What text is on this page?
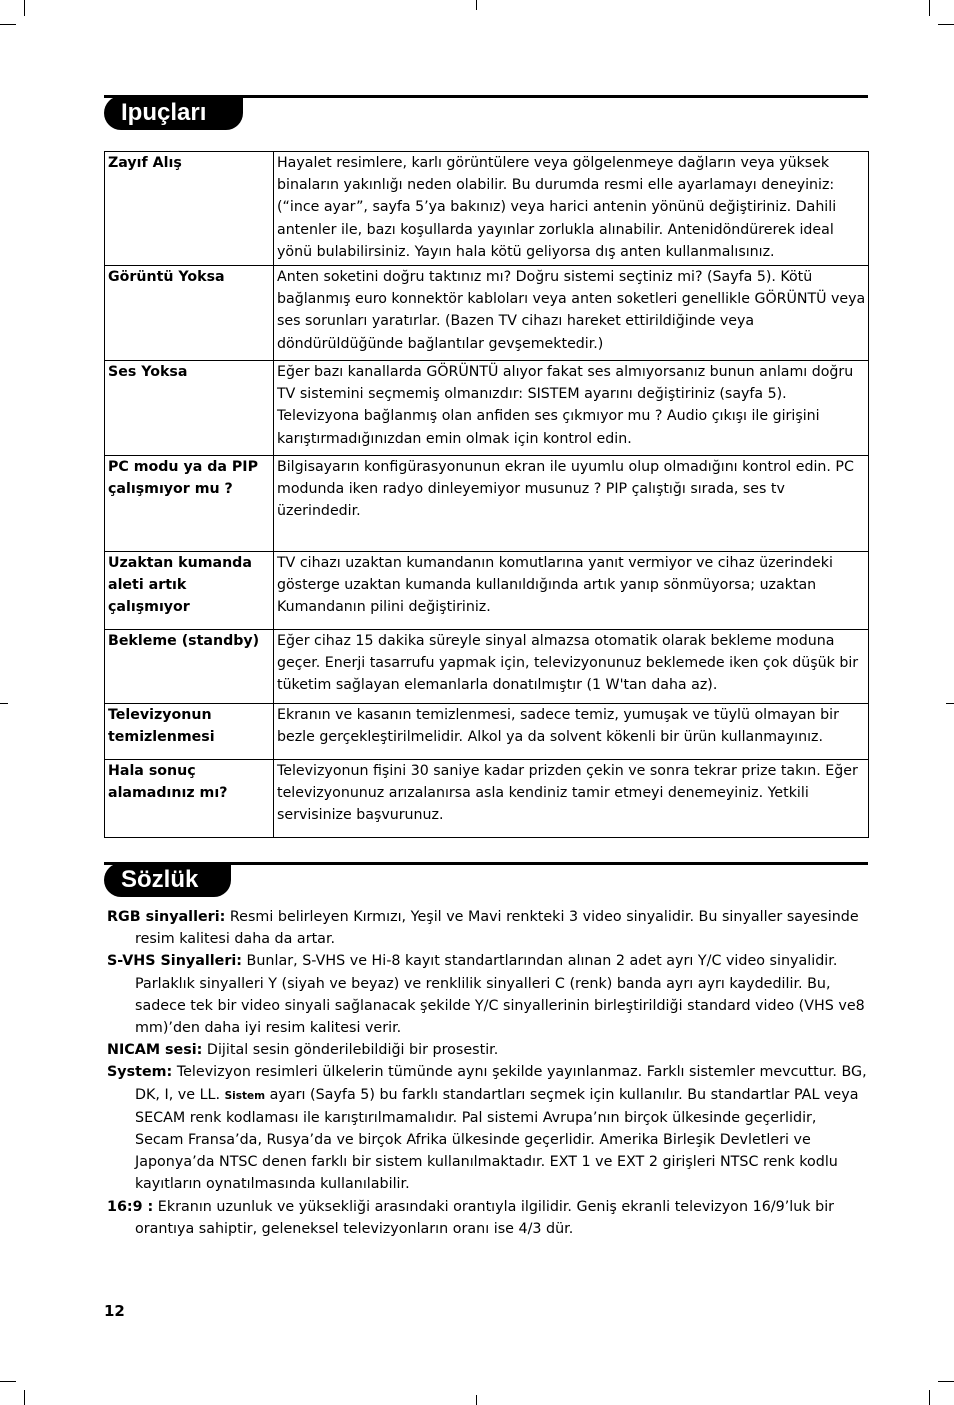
Ipuçları
Zayıf Alış	Hayalet resimlere, karlı görüntülere veya gölgelenmeye dağların veya yüksek binaların yakınlığı neden olabilir. Bu durumda resmi elle ayarlamayı deneyiniz: (“ince ayar”, sayfa 5’ya bakınız) veya harici antenin yönünü değiştiriniz. Dahili antenler ile, bazı koşullarda yayınlar zorlukla alınabilir. Antenidöndürerek ideal yönü bulabilirsiniz. Yayın hala kötü geliyorsa dış anten kullanmalısınız.
Görüntü Yoksa	Anten soketini doğru taktınız mı? Doğru sistemi seçtiniz mi? (Sayfa 5). Kötü bağlanmış euro konnektör kabloları veya anten soketleri genellikle GÖRÜNTÜ veya ses sorunları yaratırlar. (Bazen TV cihazı hareket ettirildiğinde veya döndürüldüğünde bağlantılar gevşemektedir.)
Ses Yoksa	Eğer bazı kanallarda GÖRÜNTÜ alıyor fakat ses almıyorsanız bunun anlamı doğru TV sistemini seçmemiş olmanızdır: SISTEM ayarını değiştiriniz (sayfa 5). Televizyona bağlanmış olan anfiden ses çıkmıyor mu ? Audio çıkışı ile girişini karıştırmadığınızdan emin olmak için kontrol edin.
PC modu ya da PIP çalışmıyor mu ?	Bilgisayarın konfigürasyonunun ekran ile uyumlu olup olmadığını kontrol edin. PC modunda iken radyo dinleyemiyor musunuz ? PIP çalıştığı sırada, ses tv üzerindedir.
Uzaktan kumanda aleti artık çalışmıyor	TV cihazı uzaktan kumandanın komutlarına yanıt vermiyor ve cihaz üzerindeki gösterge uzaktan kumanda kullanıldığında artık yanıp sönmüyorsa; uzaktan Kumandanın pilini değiştiriniz.
Bekleme (standby)	Eğer cihaz 15 dakika süreyle sinyal almazsa otomatik olarak bekleme moduna geçer. Enerji tasarrufu yapmak için, televizyonunuz beklemede iken çok düşük bir tüketim sağlayan elemanlarla donatılmıştır (1 W'tan daha az).
Televizyonun temizlenmesi	Ekranın ve kasanın temizlenmesi, sadece temiz, yumuşak ve tüylü olmayan bir bezle gerçekleştirilmelidir. Alkol ya da solvent kökenli bir ürün kullanmayınız.
Hala sonuç alamadınız mı?	Televizyonun fişini 30 saniye kadar prizden çekin ve sonra tekrar prize takın. Eğer televizyonunuz arızalanırsa asla kendiniz tamir etmeyi denemeyiniz. Yetkili servisinize başvurunuz.
Sözlük

RGB sinyalleri: Resmi belirleyen Kırmızı, Yeşil ve Mavi renkteki 3 video sinyalidir. Bu sinyaller sayesinde resim kalitesi daha da artar.

S-VHS Sinyalleri: Bunlar, S-VHS ve Hi-8 kayıt standartlarından alınan 2 adet ayrı Y/C video sinyalidir. Parlaklık sinyalleri Y (siyah ve beyaz) ve renklilik sinyalleri C (renk) banda ayrı ayrı kaydedilir. Bu, sadece tek bir video sinyali sağlanacak şekilde Y/C sinyallerinin birleştirildiği standard video (VHS ve8 mm)’den daha iyi resim kalitesi verir.

NICAM sesi: Dijital sesin gönderilebildiği bir prosestir.

System: Televizyon resimleri ülkelerin tümünde aynı şekilde yayınlanmaz. Farklı sistemler mevcuttur. BG, DK, I, ve LL. Sistem ayarı (Sayfa 5) bu farklı standartları seçmek için kullanılır. Bu standartlar PAL veya SECAM renk kodlaması ile karıştırılmamalıdır. Pal sistemi Avrupa’nın birçok ülkesinde geçerlidir, Secam Fransa’da, Rusya’da ve birçok Afrika ülkesinde geçerlidir. Amerika Birleşik Devletleri ve Japonya’da NTSC denen farklı bir sistem kullanılmaktadır. EXT 1 ve EXT 2 girişleri NTSC renk kodlu kayıtların oynatılmasında kullanılabilir.

16:9 : Ekranın uzunluk ve yüksekliği arasındaki orantıyla ilgilidir. Geniş ekranli televizyon 16/9’luk bir orantıya sahiptir, geleneksel televizyonların oranı ise 4/3 dür.

12
